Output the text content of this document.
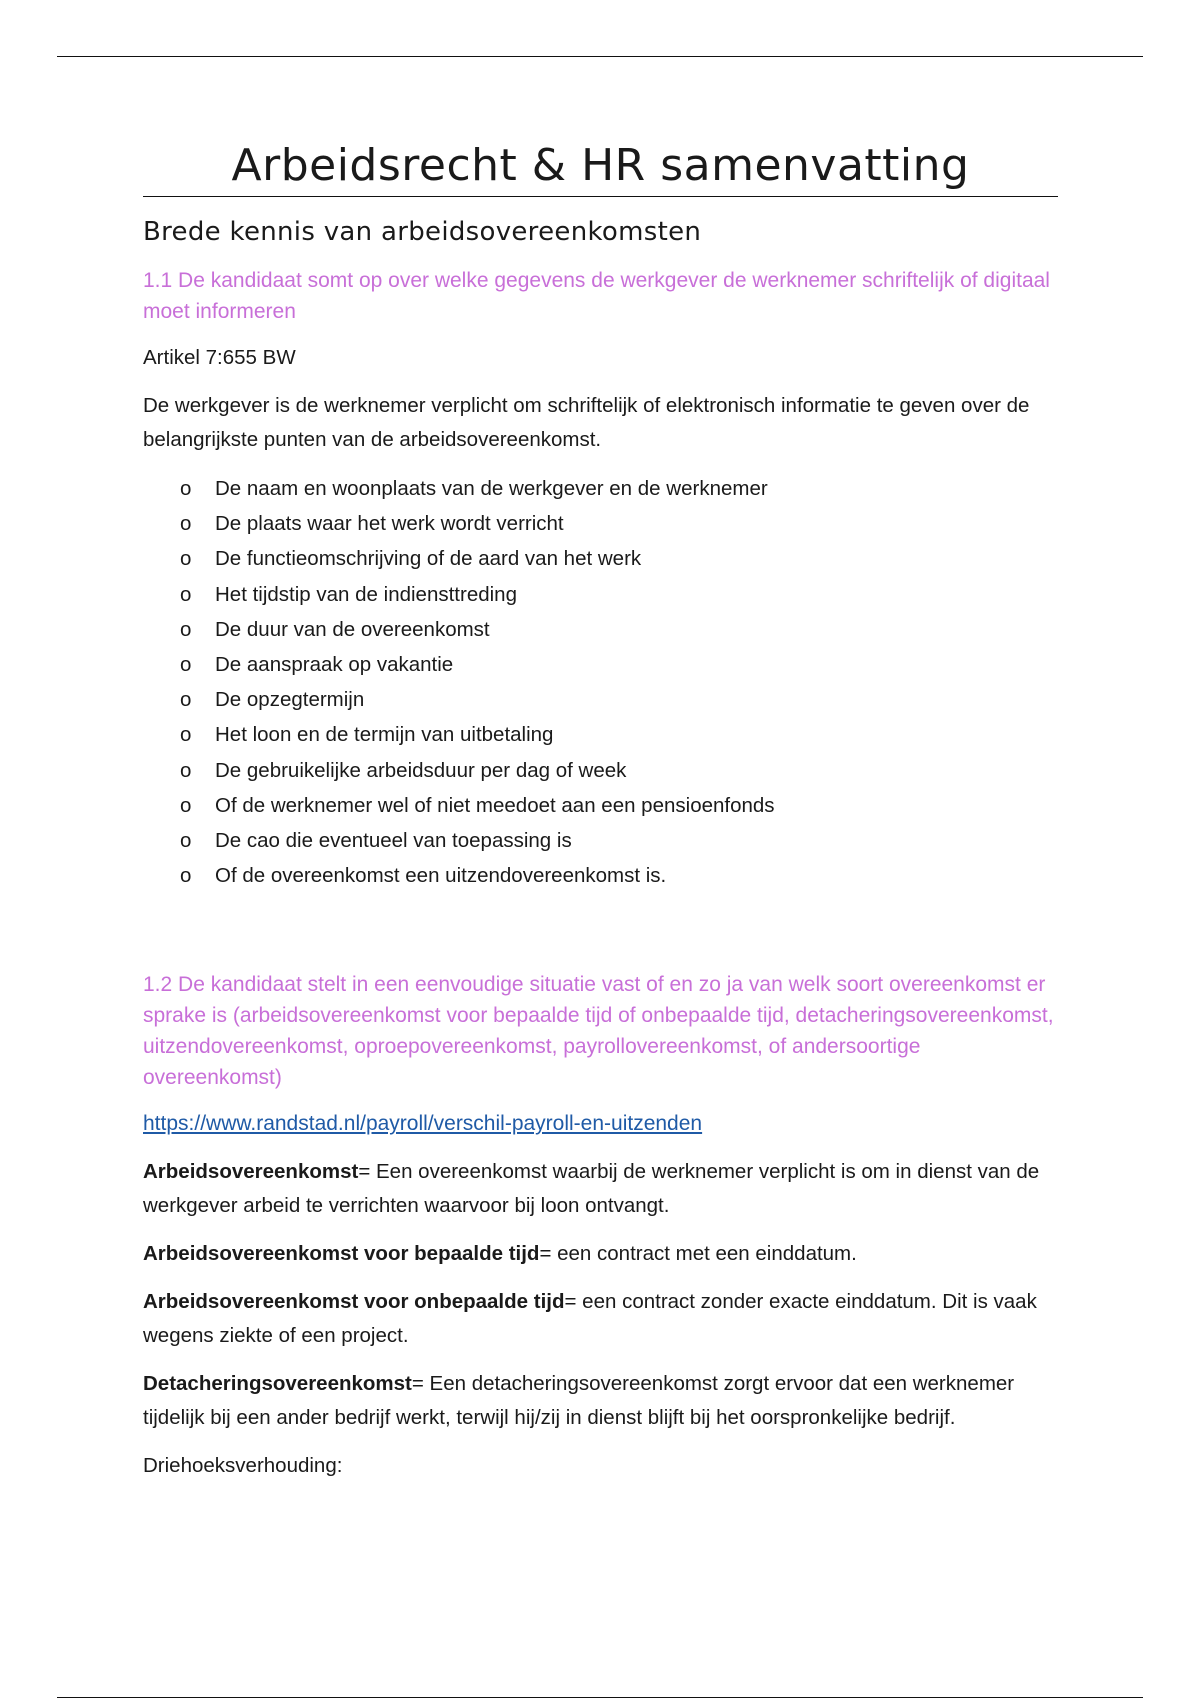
Arbeidsrecht & HR samenvatting
Brede kennis van arbeidsovereenkomsten

1.1 De kandidaat somt op over welke gegevens de werkgever de werknemer schriftelijk of digitaal moet informeren

Artikel 7:655 BW

De werkgever is de werknemer verplicht om schriftelijk of elektronisch informatie te geven over de belangrijkste punten van de arbeidsovereenkomst.

o	De naam en woonplaats van de werkgever en de werknemer
o	De plaats waar het werk wordt verricht
o	De functieomschrijving of de aard van het werk
o	Het tijdstip van de indiensttreding
o	De duur van de overeenkomst
o	De aanspraak op vakantie
o	De opzegtermijn
o	Het loon en de termijn van uitbetaling
o	De gebruikelijke arbeidsduur per dag of week
o	Of de werknemer wel of niet meedoet aan een pensioenfonds
o	De cao die eventueel van toepassing is
o	Of de overeenkomst een uitzendovereenkomst is.

1.2 De kandidaat stelt in een eenvoudige situatie vast of en zo ja van welk soort overeenkomst er sprake is (arbeidsovereenkomst voor bepaalde tijd of onbepaalde tijd, detacheringsovereenkomst, uitzendovereenkomst, oproepovereenkomst, payrollovereenkomst, of andersoortige overeenkomst)

https://www.randstad.nl/payroll/verschil-payroll-en-uitzenden

Arbeidsovereenkomst= Een overeenkomst waarbij de werknemer verplicht is om in dienst van de werkgever arbeid te verrichten waarvoor bij loon ontvangt.

Arbeidsovereenkomst voor bepaalde tijd= een contract met een einddatum.

Arbeidsovereenkomst voor onbepaalde tijd= een contract zonder exacte einddatum. Dit is vaak wegens ziekte of een project.

Detacheringsovereenkomst= Een detacheringsovereenkomst zorgt ervoor dat een werknemer tijdelijk bij een ander bedrijf werkt, terwijl hij/zij in dienst blijft bij het oorspronkelijke bedrijf.

Driehoeksverhouding:
